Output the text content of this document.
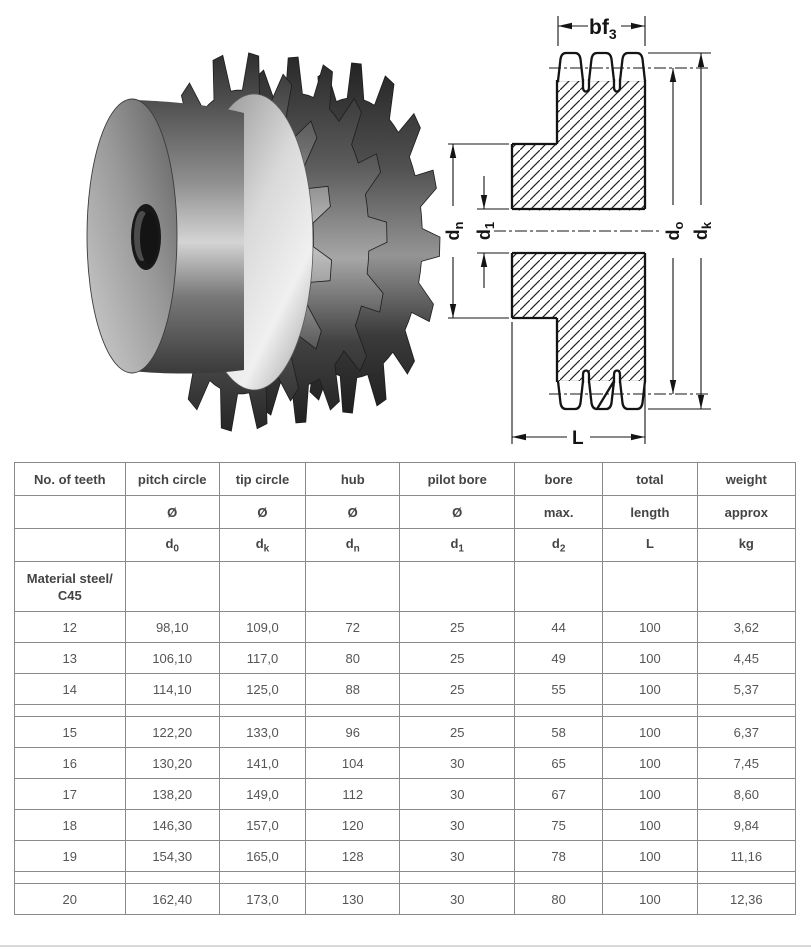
$bf_3$
L
$d_n$
$d_1$
$d_o$
$d_k$
No. of teeth	pitch circle	tip circle	hub	pilot bore	bore	total	weight
	Ø	Ø	Ø	Ø	max.	length	approx
	$d_0$	$d_k$	$d_n$	$d_1$	$d_2$	L	kg

Material steel/
C45							

12	98,10	109,0	72	25	44	100	3,62
13	106,10	117,0	80	25	49	100	4,45
14	114,10	125,0	88	25	55	100	5,37

15	122,20	133,0	96	25	58	100	6,37
16	130,20	141,0	104	30	65	100	7,45
17	138,20	149,0	112	30	67	100	8,60
18	146,30	157,0	120	30	75	100	9,84
19	154,30	165,0	128	30	78	100	11,16

20	162,40	173,0	130	30	80	100	12,36
